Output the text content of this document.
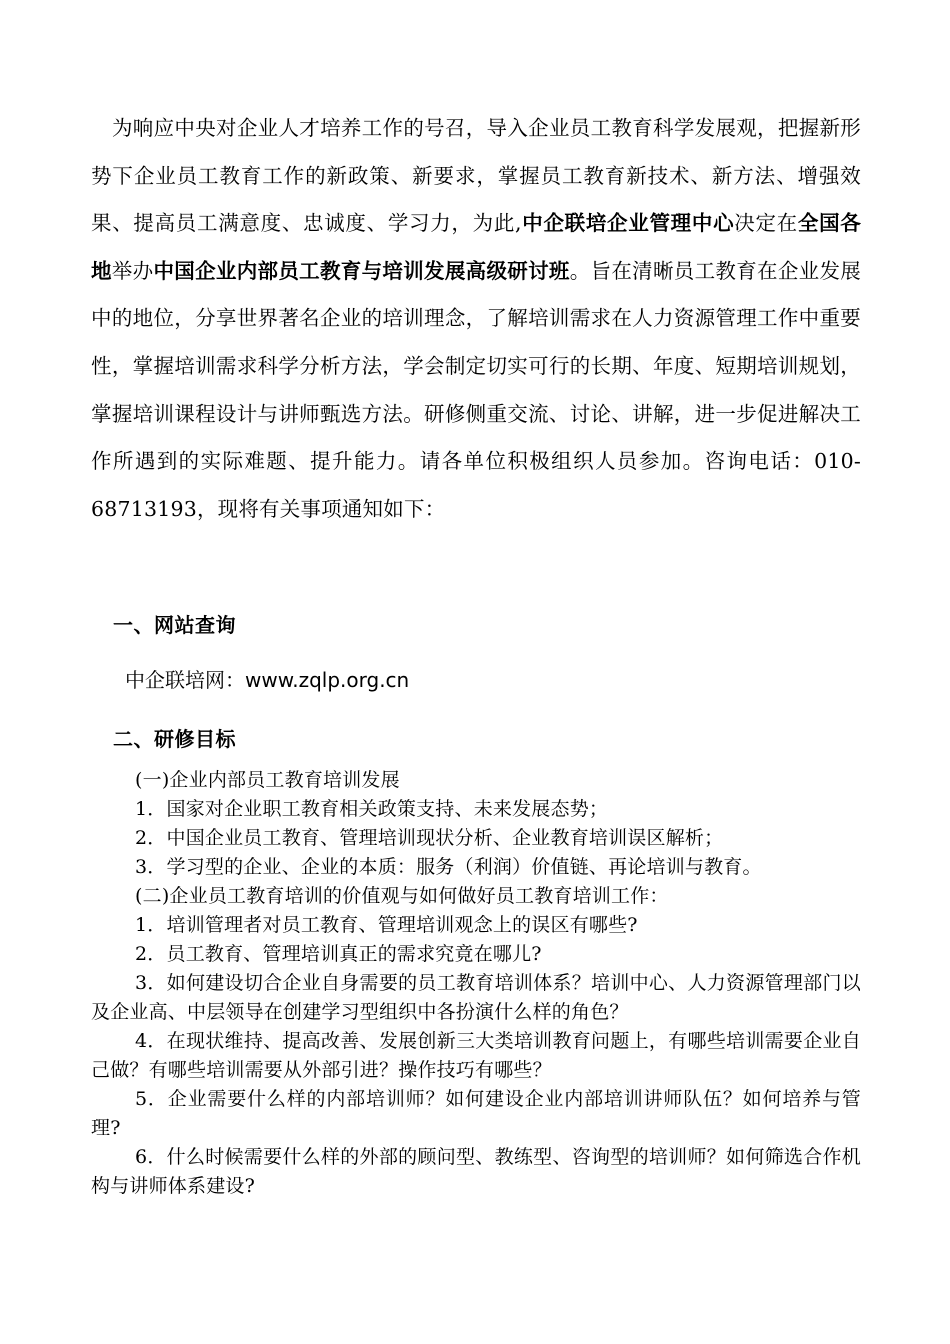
为响应中央对企业人才培养工作的号召，导入企业员工教育科学发展观，把握新形势下企业员工教育工作的新政策、新要求，掌握员工教育新技术、新方法、增强效果、提高员工满意度、忠诚度、学习力，为此,中企联培企业管理中心决定在全国各地举办中国企业内部员工教育与培训发展高级研讨班。旨在清晰员工教育在企业发展中的地位，分享世界著名企业的培训理念，了解培训需求在人力资源管理工作中重要性，掌握培训需求科学分析方法，学会制定切实可行的长期、年度、短期培训规划，掌握培训课程设计与讲师甄选方法。研修侧重交流、讨论、讲解，进一步促进解决工作所遇到的实际难题、提升能力。请各单位积极组织人员参加。咨询电话：010-68713193，现将有关事项通知如下：

一、网站查询
中企联培网：www.zqlp.org.cn
二、研修目标

(一)企业内部员工教育培训发展

1．国家对企业职工教育相关政策支持、未来发展态势；

2．中国企业员工教育、管理培训现状分析、企业教育培训误区解析；

3．学习型的企业、企业的本质：服务（利润）价值链、再论培训与教育。

(二)企业员工教育培训的价值观与如何做好员工教育培训工作：

1．培训管理者对员工教育、管理培训观念上的误区有哪些?

2．员工教育、管理培训真正的需求究竟在哪儿?

3．如何建设切合企业自身需要的员工教育培训体系？培训中心、人力资源管理部门以及企业高、中层领导在创建学习型组织中各扮演什么样的角色？

4．在现状维持、提高改善、发展创新三大类培训教育问题上，有哪些培训需要企业自己做？有哪些培训需要从外部引进？操作技巧有哪些？

5．企业需要什么样的内部培训师？如何建设企业内部培训讲师队伍？如何培养与管理?

6．什么时候需要什么样的外部的顾问型、教练型、咨询型的培训师？如何筛选合作机构与讲师体系建设?
